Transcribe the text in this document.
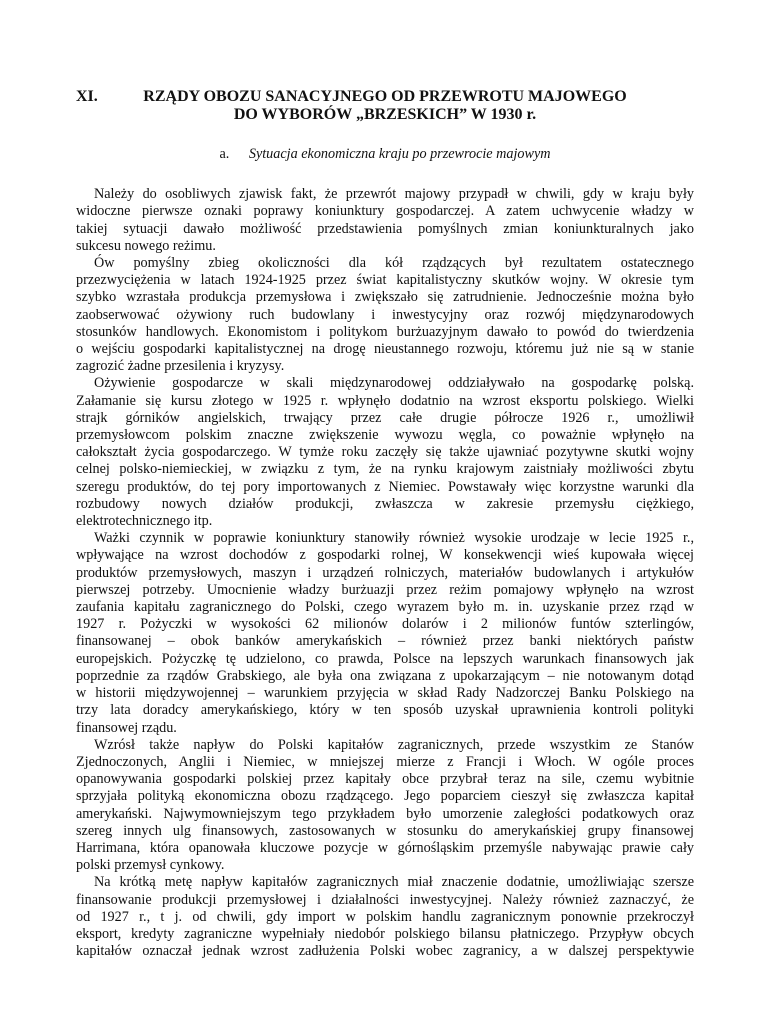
XI.	RZĄDY OBOZU SANACYJNEGO OD PRZEWROTU MAJOWEGO
DO WYBORÓW „BRZESKICH” W 1930 r.
a. Sytuacja ekonomiczna kraju po przewrocie majowym

Należy do osobliwych zjawisk fakt, że przewrót majowy przypadł w chwili, gdy w kraju były
widoczne pierwsze oznaki poprawy koniunktury gospodarczej. A zatem uchwycenie władzy w
takiej sytuacji dawało możliwość przedstawienia pomyślnych zmian koniunkturalnych jako
sukcesu nowego reżimu.

Ów pomyślny zbieg okoliczności dla kół rządzących był rezultatem ostatecznego
przezwyciężenia w latach 1924-1925 przez świat kapitalistyczny skutków wojny. W okresie tym
szybko wzrastała produkcja przemysłowa i zwiększało się zatrudnienie. Jednocześnie można było
zaobserwować ożywiony ruch budowlany i inwestycyjny oraz rozwój międzynarodowych
stosunków handlowych. Ekonomistom i politykom burżuazyjnym dawało to powód do twierdzenia
o wejściu gospodarki kapitalistycznej na drogę nieustannego rozwoju, któremu już nie są w stanie
zagrozić żadne przesilenia i kryzysy.

Ożywienie gospodarcze w skali międzynarodowej oddziaływało na gospodarkę polską.
Załamanie się kursu złotego w 1925 r. wpłynęło dodatnio na wzrost eksportu polskiego. Wielki
strajk górników angielskich, trwający przez całe drugie półrocze 1926 r., umożliwił
przemysłowcom polskim znaczne zwiększenie wywozu węgla, co poważnie wpłynęło na
całokształt życia gospodarczego. W tymże roku zaczęły się także ujawniać pozytywne skutki wojny
celnej polsko-niemieckiej, w związku z tym, że na rynku krajowym zaistniały możliwości zbytu
szeregu produktów, do tej pory importowanych z Niemiec. Powstawały więc korzystne warunki dla
rozbudowy nowych działów produkcji, zwłaszcza w zakresie przemysłu ciężkiego,
elektrotechnicznego itp.

Ważki czynnik w poprawie koniunktury stanowiły również wysokie urodzaje w lecie 1925 r.,
wpływające na wzrost dochodów z gospodarki rolnej, W konsekwencji wieś kupowała więcej
produktów przemysłowych, maszyn i urządzeń rolniczych, materiałów budowlanych i artykułów
pierwszej potrzeby. Umocnienie władzy burżuazji przez reżim pomajowy wpłynęło na wzrost
zaufania kapitału zagranicznego do Polski, czego wyrazem było m. in. uzyskanie przez rząd w
1927 r. Pożyczki w wysokości 62 milionów dolarów i 2 milionów funtów szterlingów,
finansowanej – obok banków amerykańskich – również przez banki niektórych państw
europejskich. Pożyczkę tę udzielono, co prawda, Polsce na lepszych warunkach finansowych jak
poprzednie za rządów Grabskiego, ale była ona związana z upokarzającym – nie notowanym dotąd
w historii międzywojennej – warunkiem przyjęcia w skład Rady Nadzorczej Banku Polskiego na
trzy lata doradcy amerykańskiego, który w ten sposób uzyskał uprawnienia kontroli polityki
finansowej rządu.

Wzrósł także napływ do Polski kapitałów zagranicznych, przede wszystkim ze Stanów
Zjednoczonych, Anglii i Niemiec, w mniejszej mierze z Francji i Włoch. W ogóle proces
opanowywania gospodarki polskiej przez kapitały obce przybrał teraz na sile, czemu wybitnie
sprzyjała polityką ekonomiczna obozu rządzącego. Jego poparciem cieszył się zwłaszcza kapitał
amerykański. Najwymowniejszym tego przykładem było umorzenie zaległości podatkowych oraz
szereg innych ulg finansowych, zastosowanych w stosunku do amerykańskiej grupy finansowej
Harrimana, która opanowała kluczowe pozycje w górnośląskim przemyśle nabywając prawie cały
polski przemysł cynkowy.

Na krótką metę napływ kapitałów zagranicznych miał znaczenie dodatnie, umożliwiając szersze
finansowanie produkcji przemysłowej i działalności inwestycyjnej. Należy również zaznaczyć, że
od 1927 r., t j. od chwili, gdy import w polskim handlu zagranicznym ponownie przekroczył
eksport, kredyty zagraniczne wypełniały niedobór polskiego bilansu płatniczego. Przypływ obcych
kapitałów oznaczał jednak wzrost zadłużenia Polski wobec zagranicy, a w dalszej perspektywie
